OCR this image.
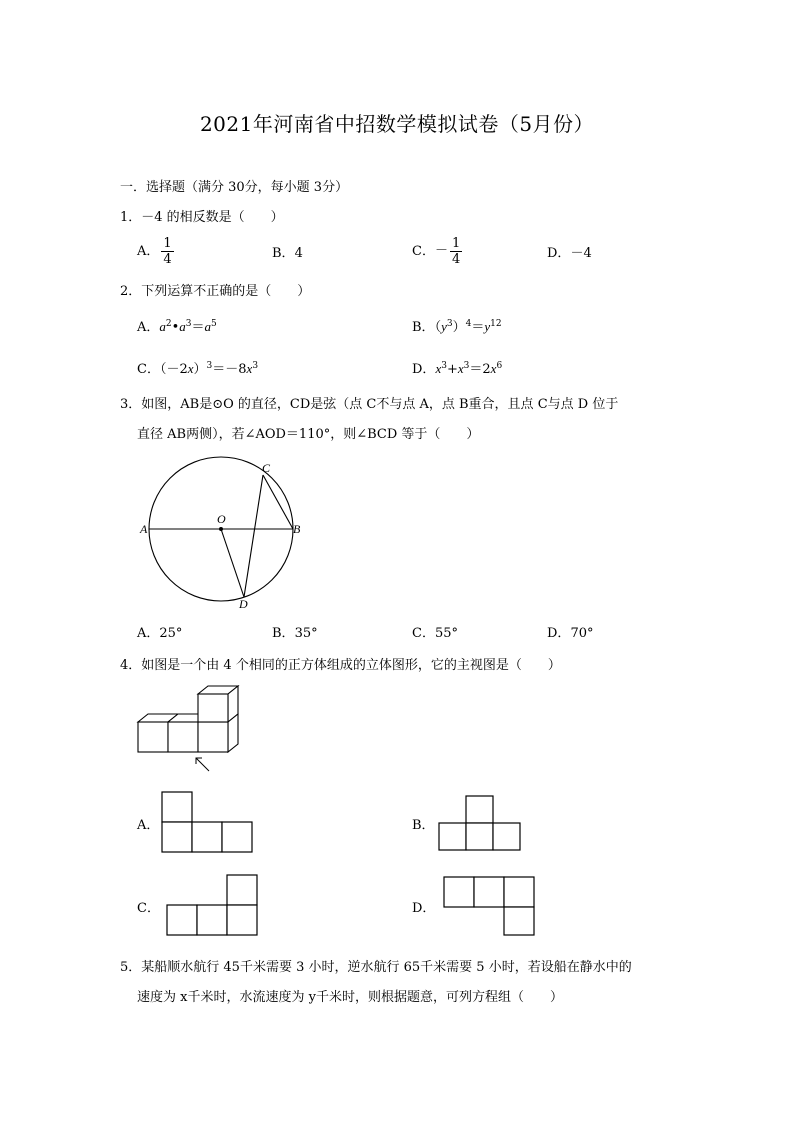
2021年河南省中招数学模拟试卷（5月份）
一．选择题（满分 30分，每小题 3分）
1．－4 的相反数是（　　）
A． $\frac{1}{4}$	B．4	C．－ $\frac{1}{4}$	D．－4
2．下列运算不正确的是（　　）
A．$a^2•a^3=a^5$	B．$(y^3)^4=y^{12}$
C．$(-2x)^3=-8x^3$	D．$x^3+x^3=2x^6$
3．如图，AB是⊙O 的直径，CD是弦（点 C不与点 A，点 B重合，且点 C与点 D 位于
直径 AB两侧），若∠AOD＝110°，则∠BCD 等于（　　）
A	B
C
D
O
A．25°	B．35°	C．55°	D．70°
4．如图是一个由 4 个相同的正方体组成的立体图形，它的主视图是（　　）
A．	B．
C．	D．
5．某船顺水航行 45千米需要 3 小时，逆水航行 65千米需要 5 小时，若设船在静水中的
速度为 x千米时，水流速度为 y千米时，则根据题意，可列方程组（　　）
